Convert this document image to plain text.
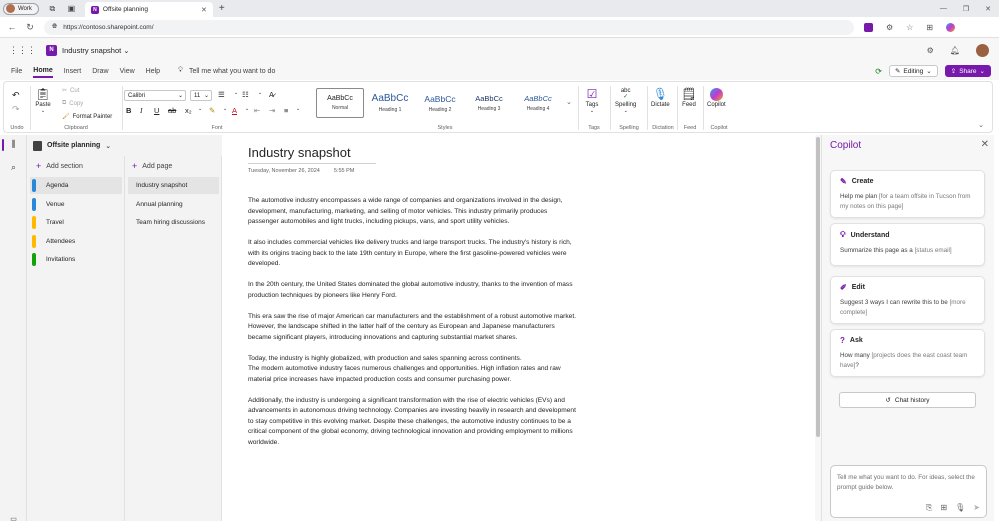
Work	⧉	▣	N Offsite planning	✕ +	— ❐ ✕
← ↻	🌐︎ https://contoso.sharepoint.com/	⚙︎ ☆ ⊞
⋮⋮⋮	N	Industry snapshot ⌄	⚙︎ 🔔︎
File Home Insert Draw View Help	💡︎ Tell me what you want to do	⟳ ✎ Editing ⌄	⇪ Share ⌄
↶
↷
Undo
📋︎
Paste
⌄
✂ Cut
⧉ Copy
🖌︎ Format Painter
Clipboard
Calibri	⌄ 11 ⌄ ☰ ⌄ ☷ ⌄ A̷
B I U ab x₂ ⌄ ✎ ⌄ A ⌄ ⇤ ⇥ ≡ ⌄
Font
AaBbCc
Normal
AaBbCc
Heading 1
AaBbCc
Heading 2
AaBbCc
Heading 3
AaBbCc
Heading 4
⌄
Styles
☑
Tags
⌄
Tags
abc
✓
Spelling
⌄
Spelling
🎙︎
Dictate
Dictation
🗒︎
Feed
Feed
Copilot
Copilot	⌄
⫼
⌕
▭
Offsite planning ⌄
+ Add section
Agenda
Venue
Travel
Attendees
Invitations
+ Add page
Industry snapshot
Annual planning
Team hiring discussions
Industry snapshot
Tuesday, November 26, 2024	5:55 PM

The automotive industry encompasses a wide range of companies and organizations involved in the design, development, manufacturing, marketing, and selling of motor vehicles. This industry primarily produces passenger automobiles and light trucks, including pickups, vans, and sport utility vehicles.

It also includes commercial vehicles like delivery trucks and large transport trucks. The industry's history is rich, with its origins tracing back to the late 19th century in Europe, where the first gasoline-powered vehicles were developed.

In the 20th century, the United States dominated the global automotive industry, thanks to the invention of mass production techniques by pioneers like Henry Ford.

This era saw the rise of major American car manufacturers and the establishment of a robust automotive market. However, the landscape shifted in the latter half of the century as European and Japanese manufacturers became significant players, introducing innovations and capturing substantial market shares.

Today, the industry is highly globalized, with production and sales spanning across continents.

The modern automotive industry faces numerous challenges and opportunities. High inflation rates and raw material price increases have impacted production costs and consumer purchasing power.

Additionally, the industry is undergoing a significant transformation with the rise of electric vehicles (EVs) and advancements in autonomous driving technology. Companies are investing heavily in research and development to stay competitive in this evolving market. Despite these challenges, the automotive industry continues to be a critical component of the global economy, driving technological innovation and providing employment to millions worldwide.

Copilot	✕
✎ Create
Help me plan [for a team offsite in Tucson from my notes on this page]
💡︎ Understand
Summarize this page as a [status email]
✐ Edit
Suggest 3 ways I can rewrite this to be [more complete]
? Ask
How many [projects does the east coast team have]?
↺ Chat history
Tell me what you want to do. For ideas, select the prompt guide below.
⎘ ⊞ 🎙︎ ➤
